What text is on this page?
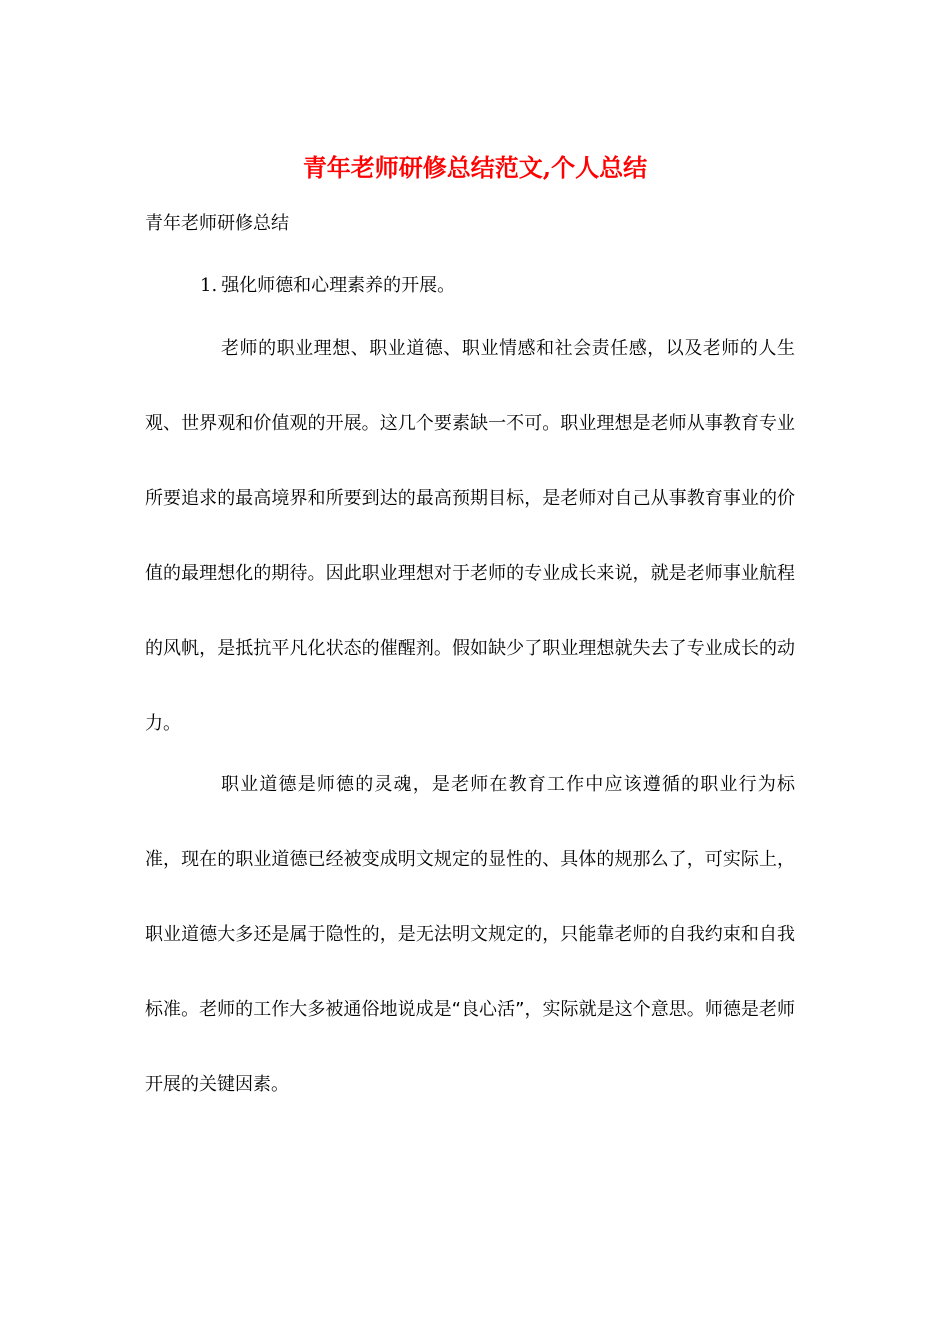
青年老师研修总结范文,个人总结
青年老师研修总结
1. 强化师德和心理素养的开展。

老师的职业理想、职业道德、职业情感和社会责任感，以及老师的人生观、世界观和价值观的开展。这几个要素缺一不可。职业理想是老师从事教育专业所要追求的最高境界和所要到达的最高预期目标，是老师对自己从事教育事业的价值的最理想化的期待。因此职业理想对于老师的专业成长来说，就是老师事业航程的风帆，是抵抗平凡化状态的催醒剂。假如缺少了职业理想就失去了专业成长的动力。

职业道德是师德的灵魂，是老师在教育工作中应该遵循的职业行为标准，现在的职业道德已经被变成明文规定的显性的、具体的规那么了，可实际上，职业道德大多还是属于隐性的，是无法明文规定的，只能靠老师的自我约束和自我标准。老师的工作大多被通俗地说成是“良心活”，实际就是这个意思。师德是老师开展的关键因素。
